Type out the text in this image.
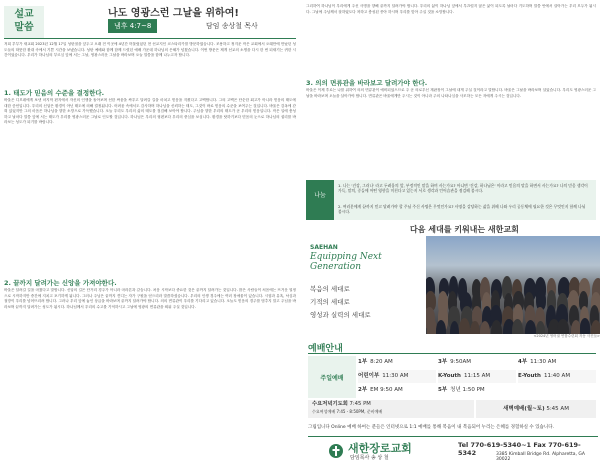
설교
말씀
나도 영광스런 그날을 위하여!
냄후 4:7~8	담임 송상철 목사
저희 부부가 새교회 2023년 12월 17일 성탄절을 앞두고 오래 전 이곳에 4년간 머물렀었던 현 선교지인 코스타리카를 방문하였습니다. 조용하고 정겨운 작은 교회에서 오래만에 만났던 성도들의 따뜻한 환대 속에서 기쁜 시간을 보냈습니다. 성탄 예배와 함께 함께 드렸던 예배 가운데 하나님의 은혜가 넘쳤습니다. 이번 방문은 제게 선교의 소명을 다시 한 번 되새기는 귀한 시간이었습니다. 우리가 하나님의 부르심 앞에 서는 그날, 영광스러운 그날을 바라보며 오늘 말씀을 함께 나누고자 합니다.
1. 태도가 믿음의 수준을 결정한다.
바울은 디모데에게 보낸 마지막 편지에서 자신의 인생을 돌아보며 선한 싸움을 싸우고 달려갈 길을 마치고 믿음을 지켰다고 고백합니다. 그의 고백은 단순한 회고가 아니라 믿음의 태도에 대한 증언입니다. 우리의 신앙은 환경이 아닌 태도에 의해 결정됩니다. 어려움 속에서도 감사하며 하나님을 신뢰하는 태도, 그것이 바로 믿음의 수준을 보여주는 것입니다. 바울은 감옥에 갇혀 있었지만 그의 마음은 하나님을 향한 소망으로 가득했습니다. 오늘 우리도 우리의 삶의 태도를 점검해 보아야 합니다. 주님을 향한 우리의 태도가 곧 우리의 믿음입니다. 작은 일에 충성하고 날마다 말씀 앞에 서는 태도가 우리를 영광스러운 그날로 인도할 것입니다. 하나님은 우리의 형편보다 우리의 중심을 보십니다. 환경을 탓하기보다 믿음의 눈으로 하나님의 섭리를 바라보는 성도가 되기를 바랍니다.
2. 끝까지 달려가는 신앙을 가져야한다.
바울은 달려갈 길을 마쳤다고 말합니다. 신앙의 길은 단거리 경주가 아니라 마라톤과 같습니다. 처음 시작보다 중요한 것은 끝까지 달려가는 것입니다. 많은 사람들이 처음에는 뜨거운 열정으로 시작하지만 중간에 지치고 포기하게 됩니다. 그러나 주님은 끝까지 견디는 자가 구원을 얻으리라 말씀하셨습니다. 우리의 인생 경주에는 여러 장애물이 있습니다. 시험과 유혹, 낙심과 절망이 우리를 넘어뜨리려 합니다. 그러나 우리 앞에 놓인 상급을 바라보며 끝까지 달려가야 합니다. 의의 면류관이 우리를 기다리고 있습니다. 오늘도 믿음의 경주를 멈추지 말고 주님을 바라보며 끝까지 달려가는 성도가 됩시다. 하나님께서 우리의 수고를 기억하시고 그날에 영광의 면류관을 씌워 주실 것입니다.
그리하여 하나님이 우리에게 주신 사명을 향해 끝까지 달려가야 합니다. 우리의 삶이 하나님 앞에서 부끄럽지 않은 삶이 되도록 날마다 기도하며 말씀 안에서 살아가는 우리 모두가 됩시다. 그날에 주님께서 잘하였도다 착하고 충성된 종아 하시며 우리를 맞아 주실 것을 소망합니다.
3. 의의 면류관을 바라보고 달려가야 한다.
바울은 이제 후로는 나를 위하여 의의 면류관이 예비되었으므로 주 곧 의로우신 재판장이 그날에 내게 주실 것이라고 말합니다. 바울은 그날을 바라보며 살았습니다. 우리도 영광스러운 그날을 바라보며 오늘을 살아가야 합니다. 면류관은 바울에게만 주시는 것이 아니라 주의 나타나심을 사모하는 모든 자에게 주시는 것입니다.
나눔
1. 나는 '건강, 그러나' 라고 두려움의 앞, 부정적인 말을 하며 사는가요? 아니면 '건강, 하나님은' 이라고 믿음의 말을 하면서 사는가요? 나의 믿음 생각이 가득, 말의, 중들에 어떤 영향을 미친다고 있는지 서로 생각과 언어습관을 점검해 봅시다.
2. 여러분에게 끝까지 믿고 달려가야 할 주님 주신 사명은 무엇인가요? 사명을 감당하는 삶을 위해 나와 우리 공동체에 필요한 것은 무엇인지 함께 나눠 봅시다.
다음 세대를 키워내는 새한교회
SAEHAN
Equipping Next Generation
복음의 세대로
기적의 세대로
영성과 실력의 세대로
<2024년 영어권 연합수련회 자동 사진들>
예배안내
주일예배
1부 8:20 AM	3부 9:50AM	4부 11:30 AM
어린이부 11:30 AM	K-Youth 11:15 AM	E-Youth 11:40 AM
2부 EM 9:50 AM	5부 청년 1:50 PM
수요저녁기도회 7:45 PM
수요여성예배 7:45 - 8:50PM, 준비예배	새벽예배(월~토) 5:45 AM
그림입니다 Online 예배 하여는 분들은 인터넷으로 1:1 예배를 통해 복음이 내 복음되어 누리는 은혜를 경험하실 수 있습니다.
새한장로교회
담임목사 송 상 철
Tel 770-619-5340~1 Fax 770-619-5342	3385 Kimball Bridge Rd. Alpharetta, GA 30022
